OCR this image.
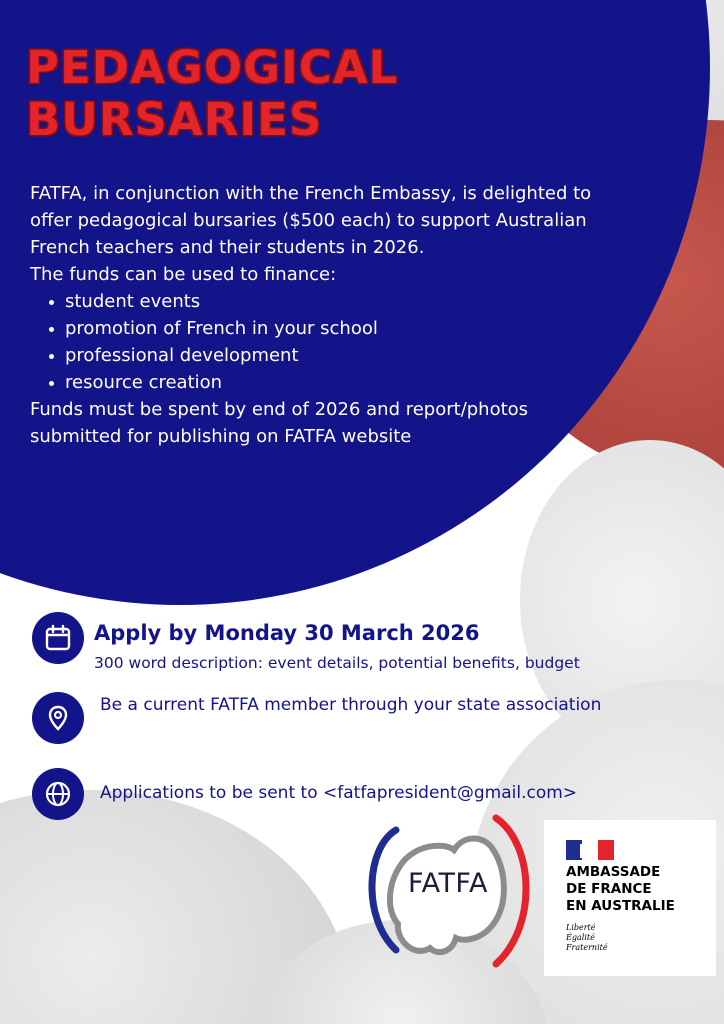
PEDAGOGICAL
BURSARIES

FATFA, in conjunction with the French Embassy, is delighted to offer pedagogical bursaries ($500 each) to support Australian French teachers and their students in 2026.

The funds can be used to finance:

student events
promotion of French in your school
professional development
resource creation

Funds must be spent by end of 2026 and report/photos submitted for publishing on FATFA website

Apply by Monday 30 March 2026
300 word description: event details, potential benefits, budget
Be a current FATFA member through your state association
Applications to be sent to <fatfapresident@gmail.com>
FATFA	AMBASSADE
DE FRANCE
EN AUSTRALIE
Liberté
Égalité
Fraternité
